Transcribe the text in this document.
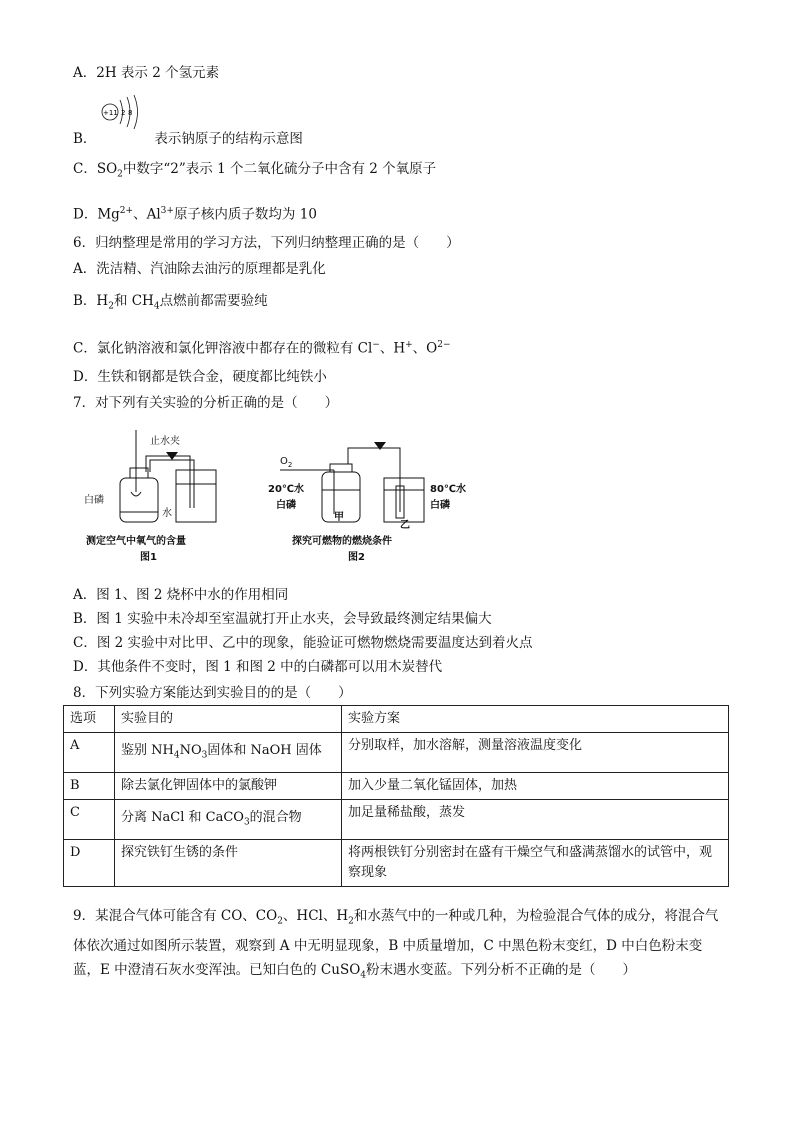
A．2H 表示 2 个氢元素
+11 2 8
B．	表示钠原子的结构示意图
C．$SO_2$中数字“2”表示 1 个二氧化硫分子中含有 2 个氧原子
D．$Mg^{2+}$、$Al^{3+}$原子核内质子数均为 10
6．归纳整理是常用的学习方法，下列归纳整理正确的是（　　）
A．洗洁精、汽油除去油污的原理都是乳化
B．$H_2$和 $CH_4$点燃前都需要验纯
C．氯化钠溶液和氯化钾溶液中都存在的微粒有 Cl−、H+、$O^{2-}$
D．生铁和钢都是铁合金，硬度都比纯铁小
7．对下列有关实验的分析正确的是（　　）
止水夹
白磷
水
测定空气中氧气的含量
图1
$O_2$
20℃水
白磷
甲
乙
80℃水
白磷
探究可燃物的燃烧条件
图2
A．图 1、图 2 烧杯中水的作用相同
B．图 1 实验中未冷却至室温就打开止水夹，会导致最终测定结果偏大
C．图 2 实验中对比甲、乙中的现象，能验证可燃物燃烧需要温度达到着火点
D．其他条件不变时，图 1 和图 2 中的白磷都可以用木炭替代
8．下列实验方案能达到实验目的的是（　　）
选项	实验目的	实验方案
A	鉴别 $NH_4NO_3$固体和 NaOH 固体	分别取样，加水溶解，测量溶液温度变化
B	除去氯化钾固体中的氯酸钾	加入少量二氧化锰固体，加热
C	分离 NaCl 和 CaCO$_3$的混合物	加足量稀盐酸，蒸发
D	探究铁钉生锈的条件	将两根铁钉分别密封在盛有干燥空气和盛满蒸馏水的试管中，观察现象
9．某混合气体可能含有 CO、$CO_2$、HCl、$H_2$和水蒸气中的一种或几种，为检验混合气体的成分，将混合气体依次通过如图所示装置，观察到 A 中无明显现象，B 中质量增加，C 中黑色粉末变红，D 中白色粉末变蓝，E 中澄清石灰水变浑浊。已知白色的 CuSO$_4$粉末遇水变蓝。下列分析不正确的是（　　）
